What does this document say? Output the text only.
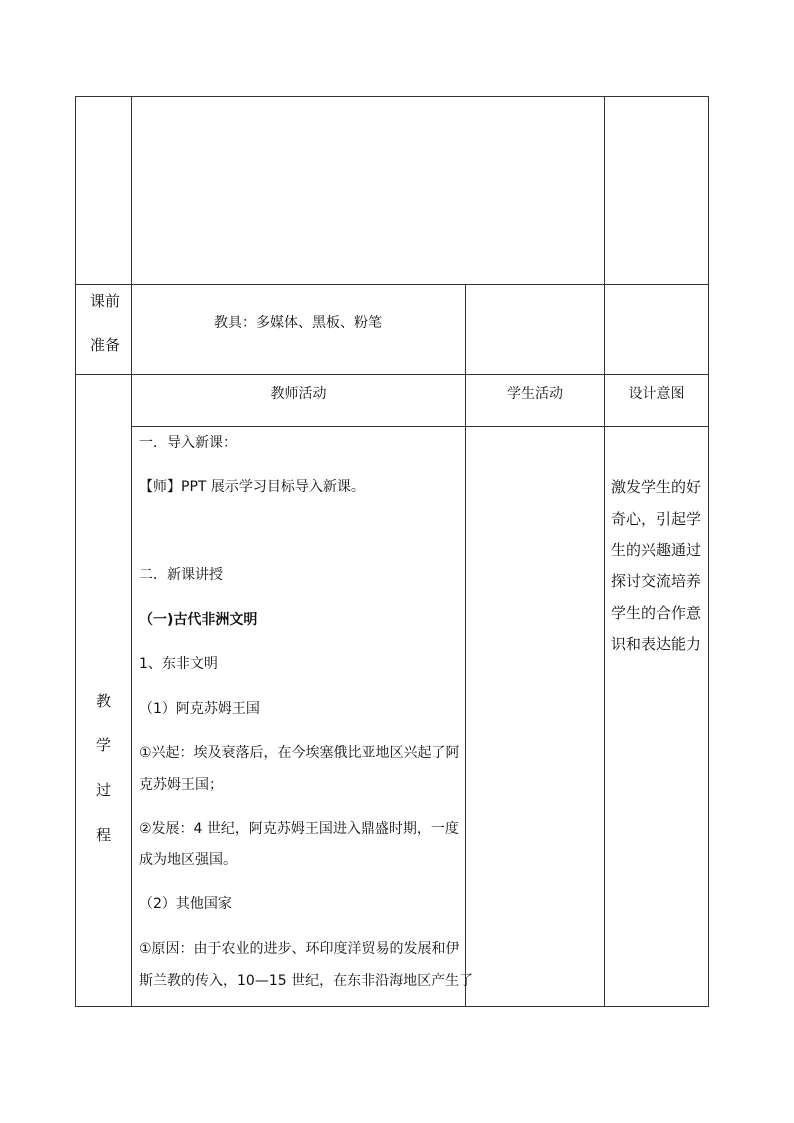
课前
准备
教具：多媒体、黑板、粉笔
教师活动	学生活动	设计意图
教
学
过
程
一．导入新课：
【师】PPT 展示学习目标导入新课。
二．新课讲授
（一)古代非洲文明
1、东非文明
（1）阿克苏姆王国
①兴起：埃及衰落后，在今埃塞俄比亚地区兴起了阿
克苏姆王国；
②发展：4 世纪，阿克苏姆王国进入鼎盛时期，一度
成为地区强国。
（2）其他国家
①原因：由于农业的进步、环印度洋贸易的发展和伊
斯兰教的传入，10—15 世纪，在东非沿海地区产生了
激发学生的好
奇心，引起学
生的兴趣通过
探讨交流培养
学生的合作意
识和表达能力
